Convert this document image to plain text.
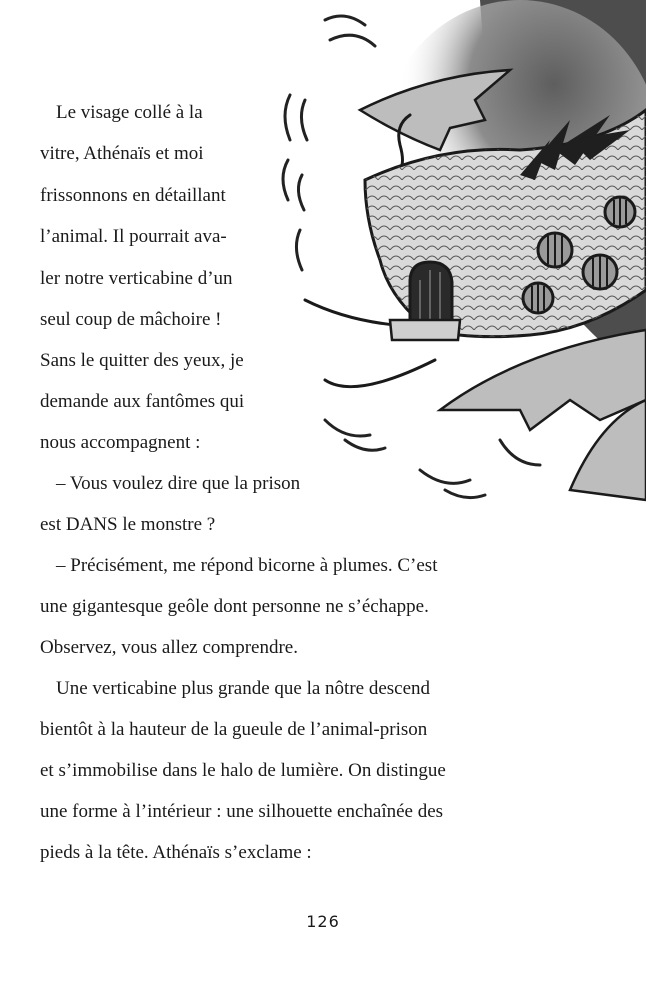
Le visage collé à la
vitre, Athénaïs et moi
frissonnons en détaillant
l’animal. Il pourrait ava-
ler notre verticabine d’un
seul coup de mâchoire !
Sans le quitter des yeux, je
demande aux fantômes qui
nous accompagnent :
– Vous voulez dire que la prison
est DANS le monstre ?
– Précisément, me répond bicorne à plumes. C’est
une gigantesque geôle dont personne ne s’échappe.
Observez, vous allez comprendre.
Une verticabine plus grande que la nôtre descend
bientôt à la hauteur de la gueule de l’animal-prison
et s’immobilise dans le halo de lumière. On distingue
une forme à l’intérieur : une silhouette enchaînée des
pieds à la tête. Athénaïs s’exclame :
126
